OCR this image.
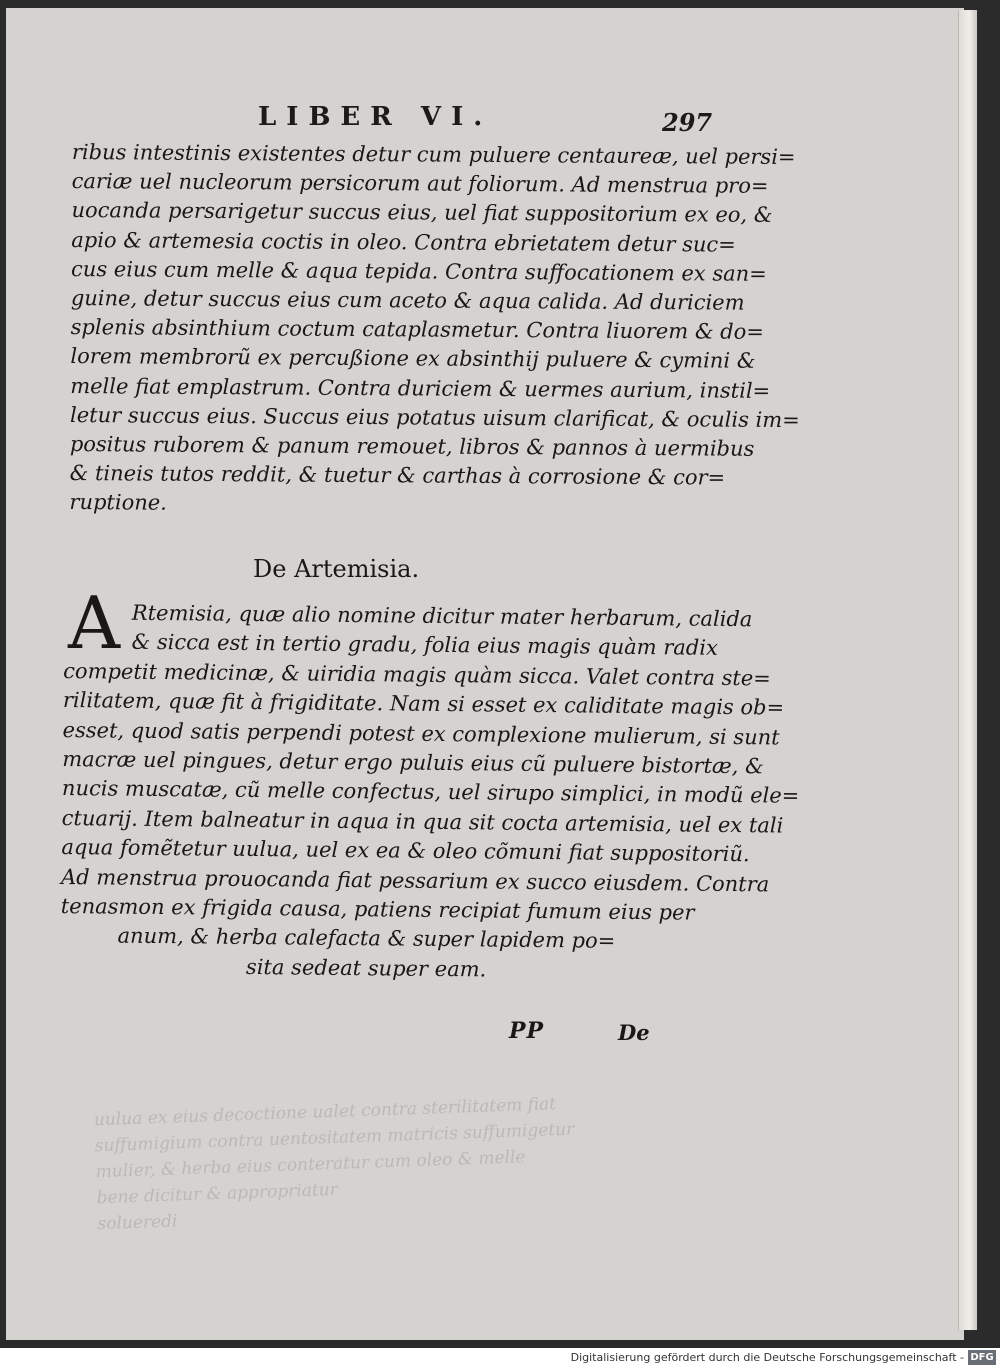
uulua ex eius decoctione ualet contra sterilitatem fiat
suffumigium contra uentositatem matricis suffumigetur
mulier, & herba eius conteratur cum oleo & melle
bene dicitur & appropriatur
solueredi
LIBER VI.	297
ribus intestinis existentes detur cum puluere centaureæ, uel persi=
cariæ uel nucleorum persicorum aut foliorum. Ad menstrua pro=
uocanda persarigetur succus eius, uel fiat suppositorium ex eo, &
apio & artemesia coctis in oleo. Contra ebrietatem detur suc=
cus eius cum melle & aqua tepida. Contra suffocationem ex san=
guine, detur succus eius cum aceto & aqua calida. Ad duriciem
splenis absinthium coctum cataplasmetur. Contra liuorem & do=
lorem membrorũ ex percußione ex absinthij puluere & cymini &
melle fiat emplastrum. Contra duriciem & uermes aurium, instil=
letur succus eius. Succus eius potatus uisum clarificat, & oculis im=
positus ruborem & panum remouet, libros & pannos à uermibus
& tineis tutos reddit, & tuetur & carthas à corrosione & cor=
ruptione.
De Artemisia.
A Rtemisia, quæ alio nomine dicitur mater herbarum, calida
& sicca est in tertio gradu, folia eius magis quàm radix
competit medicinæ, & uiridia magis quàm sicca. Valet contra ste=
rilitatem, quæ fit à frigiditate. Nam si esset ex caliditate magis ob=
esset, quod satis perpendi potest ex complexione mulierum, si sunt
macræ uel pingues, detur ergo puluis eius cũ puluere bistortæ, &
nucis muscatæ, cũ melle confectus, uel sirupo simplici, in modũ ele=
ctuarij. Item balneatur in aqua in qua sit cocta artemisia, uel ex tali
aqua fomẽtetur uulua, uel ex ea & oleo cõmuni fiat suppositoriũ.
Ad menstrua prouocanda fiat pessarium ex succo eiusdem. Contra
tenasmon ex frigida causa, patiens recipiat fumum eius per
anum, & herba calefacta & super lapidem po=
sita sedeat super eam.
PP	De
Digitalisierung gefördert durch die Deutsche Forschungsgemeinschaft - DFG
